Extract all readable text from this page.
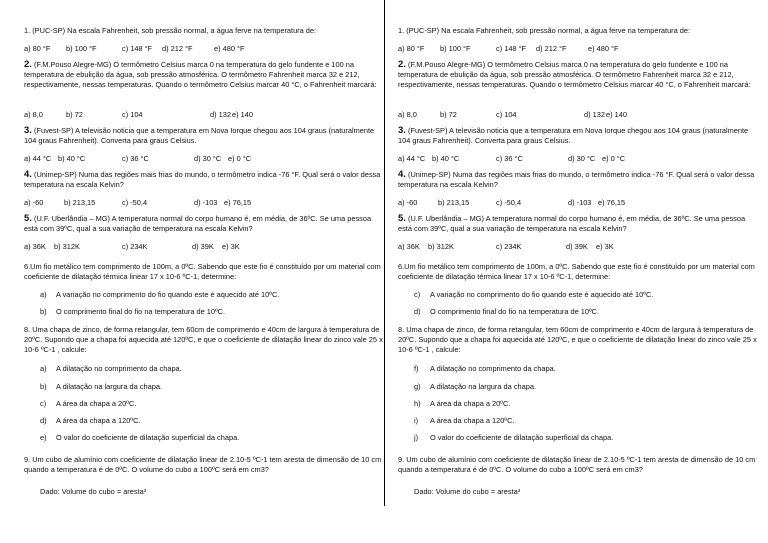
1. (PUC-SP) Na escala Fahrenheit, sob pressão normal, a água ferve na temperatura de:
a) 80 °F b) 100 °F	c) 148 °F d) 212 °F	e) 480 °F
2. (F.M.Pouso Alegre-MG) O termômetro Celsius marca 0 na temperatura do gelo fundente e 100 na temperatura de ebulição da água, sob pressão atmosférica. O termômetro Fahrenheit marca 32 e 212, respectivamente, nessas temperaturas. Quando o termômetro Celsius marcar 40 °C, o Fahrenheit marcará:
a) 8,0	b) 72	c) 104	d) 132e) 140
3. (Fuvest-SP) A televisão noticia que a temperatura em Nova Iorque chegou aos 104 graus (naturalmente 104 graus Fahrenheit). Converta para graus Celsius.
a) 44 °C b) 40 °C	c) 36 °C	d) 30 °C e) 0 °C
4. (Unimep-SP) Numa das regiões mais frias do mundo, o termômetro indica -76 °F. Qual será o valor dessa temperatura na escala Kelvin?
a) -60	b) 213,15	c) -50,4	d) -103 e) 76,15
5. (U.F. Uberlândia – MG) A temperatura normal do corpo humano é, em média, de 36ºC. Se uma pessoa está com 39ºC, qual a sua variação de temperatura na escala Kelvin?
a) 36K b) 312K	c) 234K	d) 39K e) 3K
6.Um fio metálico tem comprimento de 100m, a 0ºC. Sabendo que este fio é constituído por um material com coeficiente de dilatação térmica linear 17 x 10-6 ºC-1, determine:
a) A variação no comprimento do fio quando este é aquecido até 10ºC.
b) O comprimento final do fio na temperatura de 10ºC.
8. Uma chapa de zinco, de forma retangular, tem 60cm de comprimento e 40cm de largura à temperatura de 20ºC. Supondo que a chapa foi aquecida até 120ºC, e que o coeficiente de dilatação linear do zinco vale 25 x 10-6 ºC-1 , calcule:
a) A dilatação no comprimento da chapa.
b) A dilatação na largura da chapa.
c) A área da chapa a 20ºC.
d) A área da chapa a 120ºC.
e) O valor do coeficiente de dilatação superficial da chapa.
9. Um cubo de alumínio com coeficiente de dilatação linear de 2.10-5 ºC-1 tem aresta de dimensão de 10 cm quando a temperatura é de 0ºC. O volume do cubo a 100ºC será em cm3?
Dado: Volume do cubo = aresta³
1. (PUC-SP) Na escala Fahrenheit, sob pressão normal, a água ferve na temperatura de:
a) 80 °F b) 100 °F	c) 148 °F d) 212 °F	e) 480 °F
2. (F.M.Pouso Alegre-MG) O termômetro Celsius marca 0 na temperatura do gelo fundente e 100 na temperatura de ebulição da água, sob pressão atmosférica. O termômetro Fahrenheit marca 32 e 212, respectivamente, nessas temperaturas. Quando o termômetro Celsius marcar 40 °C, o Fahrenheit marcará:
a) 8,0	b) 72	c) 104	d) 132e) 140
3. (Fuvest-SP) A televisão noticia que a temperatura em Nova Iorque chegou aos 104 graus (naturalmente 104 graus Fahrenheit). Converta para graus Celsius.
a) 44 °C b) 40 °C	c) 36 °C	d) 30 °C e) 0 °C
4. (Unimep-SP) Numa das regiões mais frias do mundo, o termômetro indica -76 °F. Qual será o valor dessa temperatura na escala Kelvin?
a) -60	b) 213,15	c) -50,4	d) -103 e) 76,15
5. (U.F. Uberlândia – MG) A temperatura normal do corpo humano é, em média, de 36ºC. Se uma pessoa está com 39ºC, qual a sua variação de temperatura na escala Kelvin?
a) 36K b) 312K	c) 234K	d) 39K e) 3K
6.Um fio metálico tem comprimento de 100m, a 0ºC. Sabendo que este fio é constituído por um material com coeficiente de dilatação térmica linear 17 x 10-6 ºC-1, determine:
c) A variação no comprimento do fio quando este é aquecido até 10ºC.
d) O comprimento final do fio na temperatura de 10ºC.
8. Uma chapa de zinco, de forma retangular, tem 60cm de comprimento e 40cm de largura à temperatura de 20ºC. Supondo que a chapa foi aquecida até 120ºC, e que o coeficiente de dilatação linear do zinco vale 25 x 10-6 ºC-1 , calcule:
f) A dilatação no comprimento da chapa.
g) A dilatação na largura da chapa.
h) A área da chapa a 20ºC.
i) A área da chapa a 120ºC.
j) O valor do coeficiente de dilatação superficial da chapa.
9. Um cubo de alumínio com coeficiente de dilatação linear de 2.10-5 ºC-1 tem aresta de dimensão de 10 cm quando a temperatura é de 0ºC. O volume do cubo a 100ºC será em cm3?
Dado: Volume do cubo = aresta³
